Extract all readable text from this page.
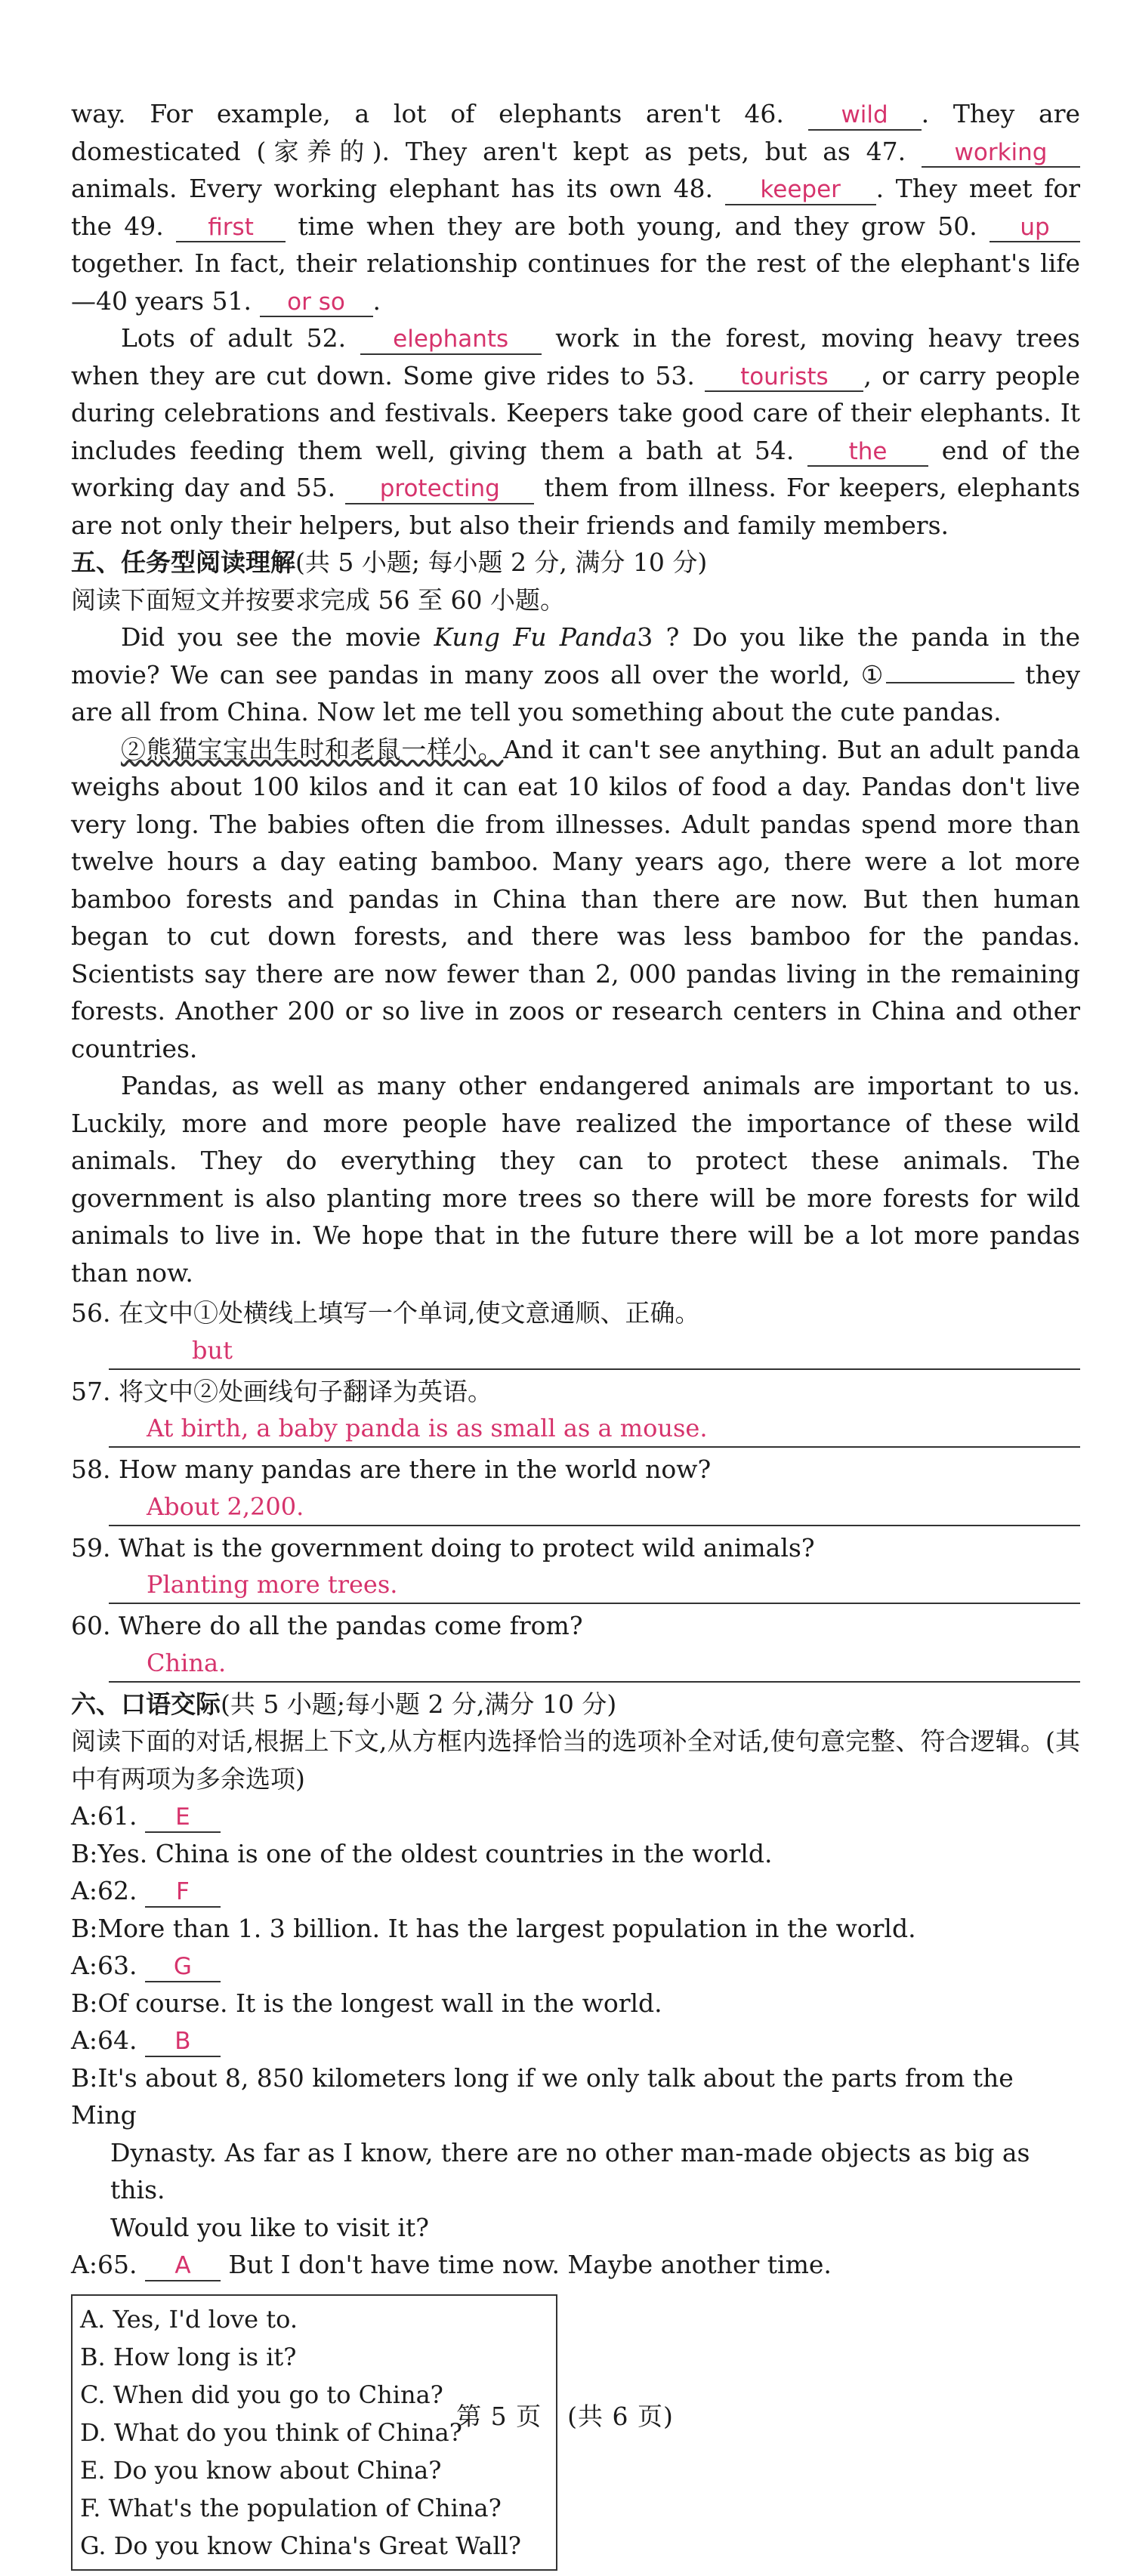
way. For example, a lot of elephants aren't 46. wild . They are domesticated (家养的). They aren't kept as pets, but as 47. working animals. Every working elephant has its own 48. keeper . They meet for the 49. first time when they are both young, and they grow 50. up together. In fact, their relationship continues for the rest of the elephant's life—40 years 51. or so .

Lots of adult 52. elephants work in the forest, moving heavy trees when they are cut down. Some give rides to 53. tourists , or carry people during celebrations and festivals. Keepers take good care of their elephants. It includes feeding them well, giving them a bath at 54. the end of the working day and 55. protecting them from illness. For keepers, elephants are not only their helpers, but also their friends and family members.

五、任务型阅读理解(共 5 小题; 每小题 2 分, 满分 10 分)

阅读下面短文并按要求完成 56 至 60 小题。

Did you see the movie Kung Fu Panda3 ? Do you like the panda in the movie? We can see pandas in many zoos all over the world, ①	they are all from China. Now let me tell you something about the cute pandas.

②熊猫宝宝出生时和老鼠一样小。And it can't see anything. But an adult panda weighs about 100 kilos and it can eat 10 kilos of food a day. Pandas don't live very long. The babies often die from illnesses. Adult pandas spend more than twelve hours a day eating bamboo. Many years ago, there were a lot more bamboo forests and pandas in China than there are now. But then human began to cut down forests, and there was less bamboo for the pandas. Scientists say there are now fewer than 2, 000 pandas living in the remaining forests. Another 200 or so live in zoos or research centers in China and other countries.

Pandas, as well as many other endangered animals are important to us. Luckily, more and more people have realized the importance of these wild animals. They do everything they can to protect these animals. The government is also planting more trees so there will be more forests for wild animals to live in. We hope that in the future there will be a lot more pandas than now.

56. 在文中①处横线上填写一个单词,使文意通顺、正确。
but
57. 将文中②处画线句子翻译为英语。
At birth, a baby panda is as small as a mouse.
58. How many pandas are there in the world now?
About 2,200.
59. What is the government doing to protect wild animals?
Planting more trees.
60. Where do all the pandas come from?
China.

六、口语交际(共 5 小题;每小题 2 分,满分 10 分)

阅读下面的对话,根据上下文,从方框内选择恰当的选项补全对话,使句意完整、符合逻辑。(其中有两项为多余选项)

A:61. E
B:Yes. China is one of the oldest countries in the world.
A:62. F
B:More than 1. 3 billion. It has the largest population in the world.
A:63. G
B:Of course. It is the longest wall in the world.
A:64. B
B:It's about 8, 850 kilometers long if we only talk about the parts from the Ming
Dynasty. As far as I know, there are no other man-made objects as big as this.
Would you like to visit it?
A:65. A But I don't have time now. Maybe another time.
A. Yes, I'd love to.
B. How long is it?
C. When did you go to China?
D. What do you think of China?
E. Do you know about China?
F. What's the population of China?
G. Do you know China's Great Wall?
第 5 页　(共 6 页)
